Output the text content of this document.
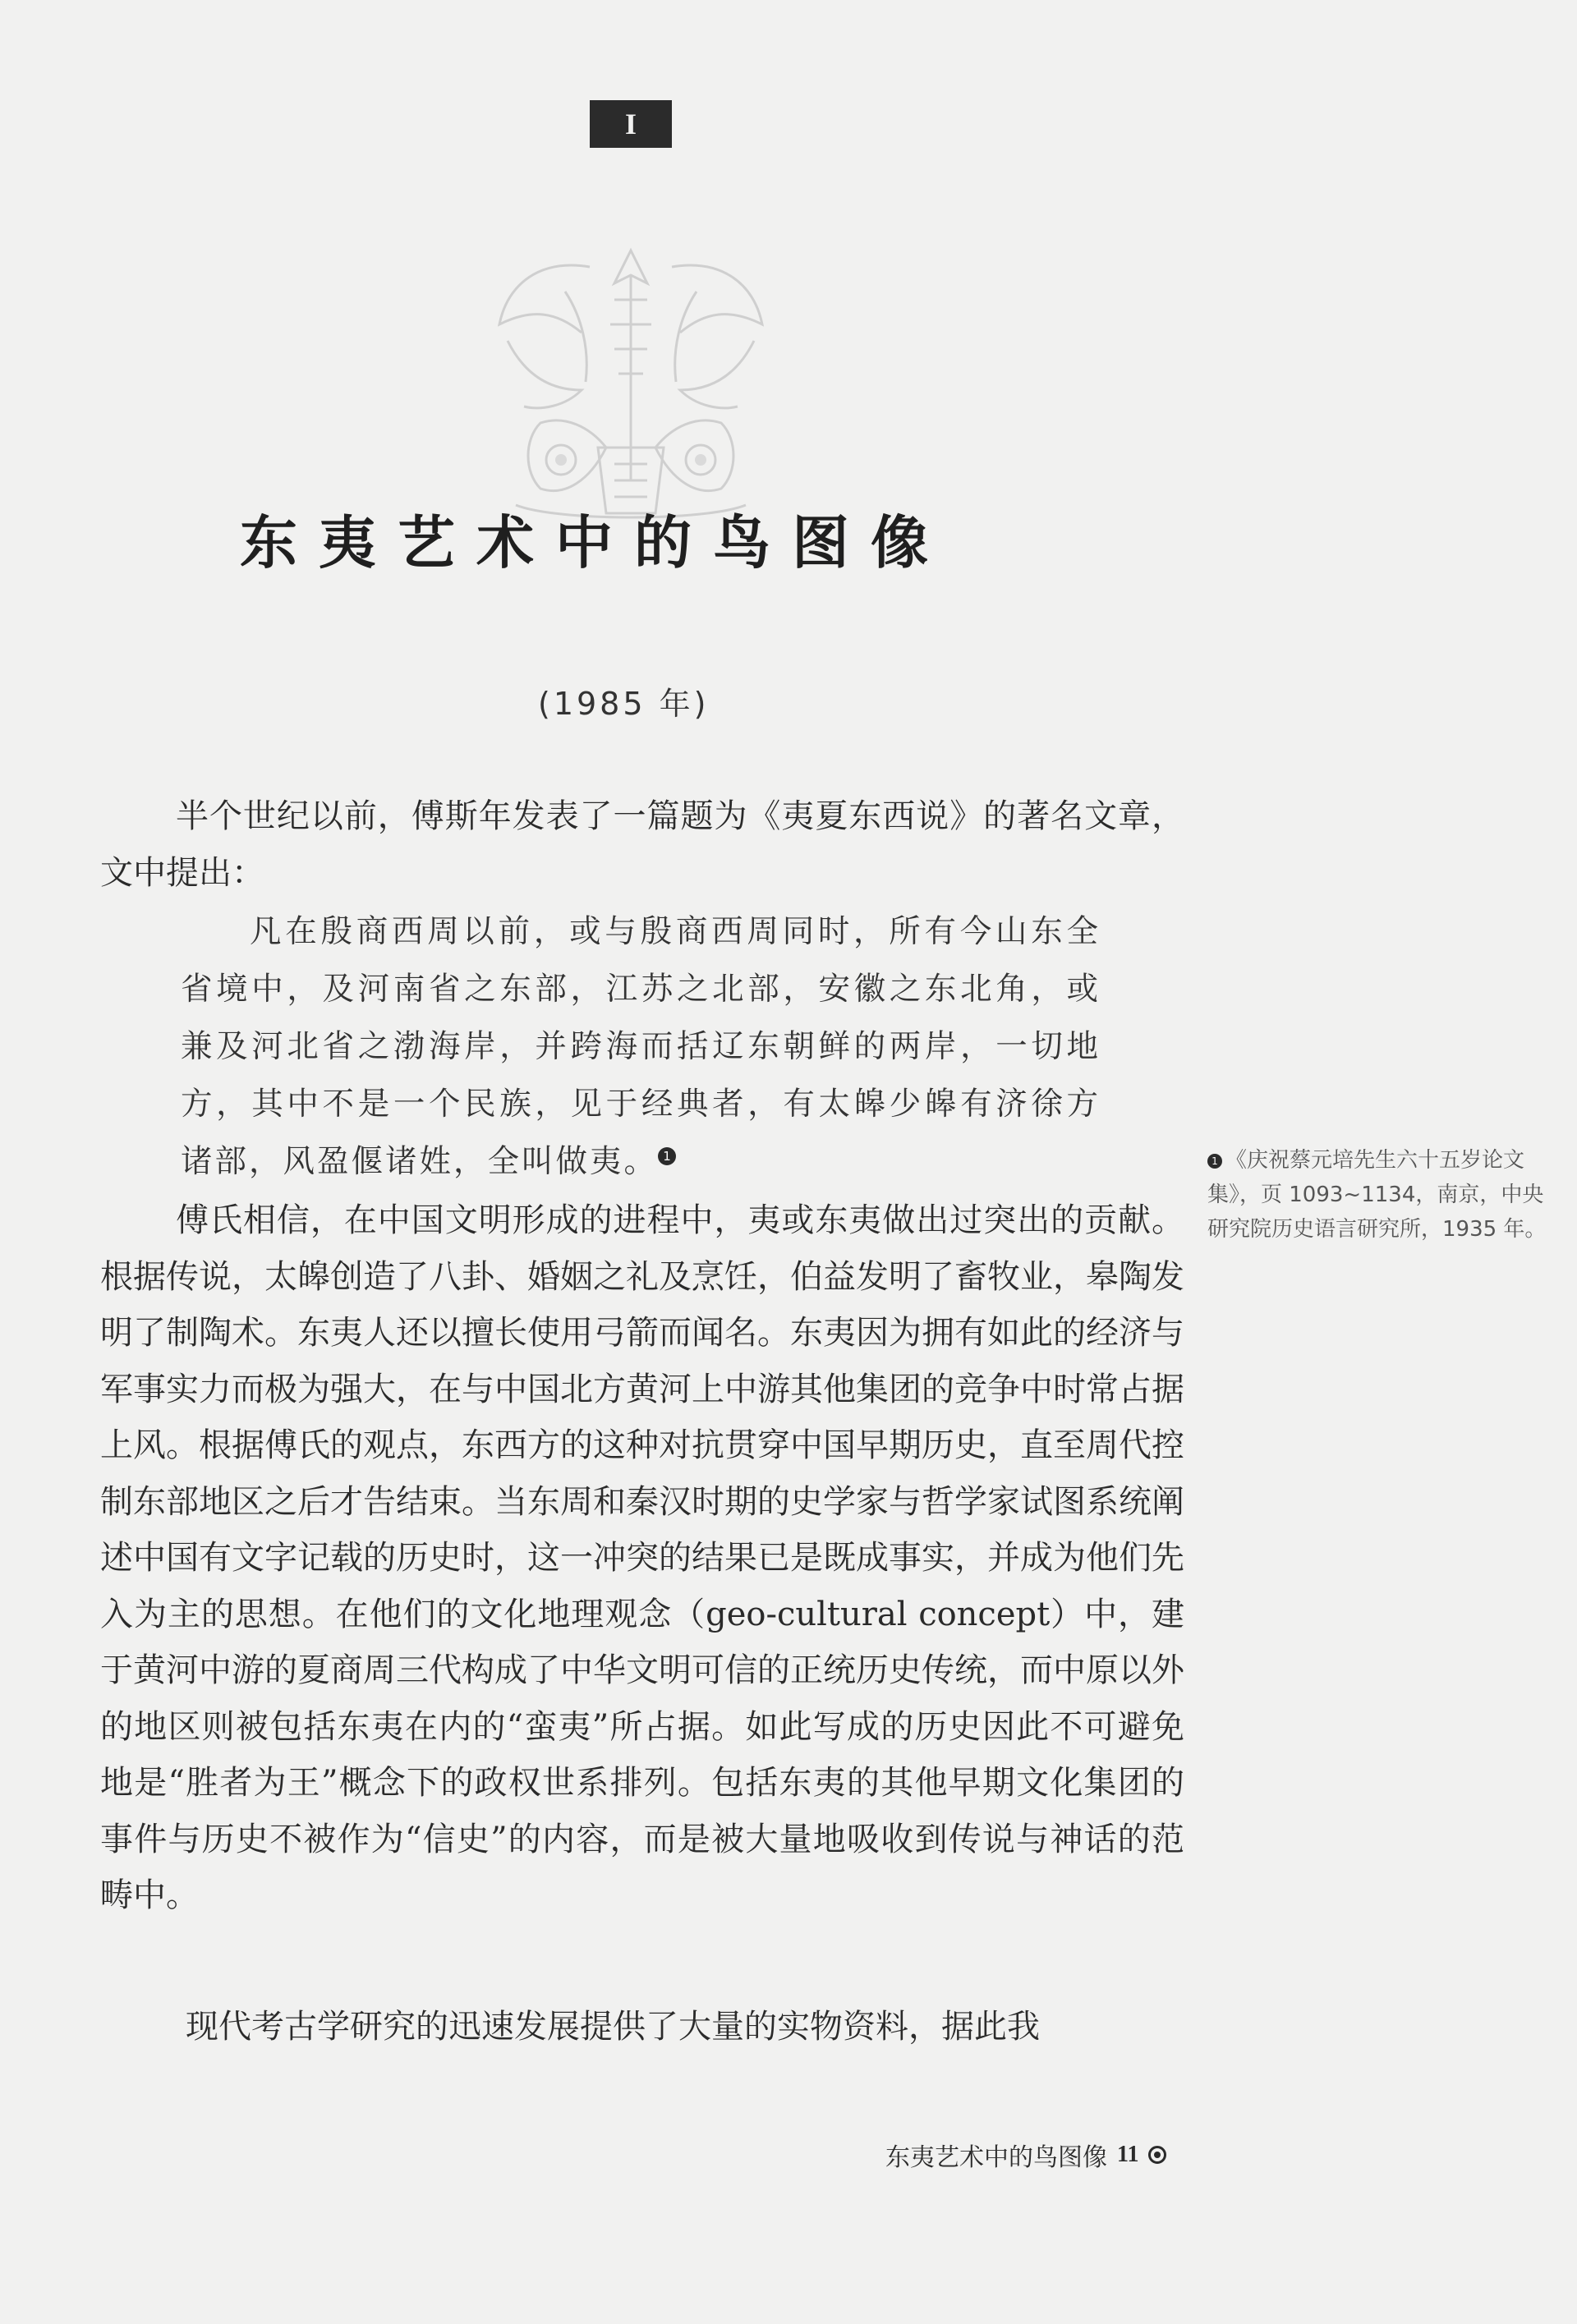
I
东夷艺术中的鸟图像
(1985 年)

半个世纪以前，傅斯年发表了一篇题为《夷夏东西说》的著名文章，文中提出：

凡在殷商西周以前，或与殷商西周同时，所有今山东全省境中，及河南省之东部，江苏之北部，安徽之东北角，或兼及河北省之渤海岸，并跨海而括辽东朝鲜的两岸，一切地方，其中不是一个民族，见于经典者，有太皞少皞有济徐方诸部，风盈偃诸姓，全叫做夷。 1

傅氏相信，在中国文明形成的进程中，夷或东夷做出过突出的贡献。根据传说，太皞创造了八卦、婚姻之礼及烹饪，伯益发明了畜牧业，皋陶发明了制陶术。东夷人还以擅长使用弓箭而闻名。东夷因为拥有如此的经济与军事实力而极为强大，在与中国北方黄河上中游其他集团的竞争中时常占据上风。根据傅氏的观点，东西方的这种对抗贯穿中国早期历史，直至周代控制东部地区之后才告结束。当东周和秦汉时期的史学家与哲学家试图系统阐述中国有文字记载的历史时，这一冲突的结果已是既成事实，并成为他们先入为主的思想。在他们的文化地理观念（geo-cultural concept）中，建于黄河中游的夏商周三代构成了中华文明可信的正统历史传统，而中原以外的地区则被包括东夷在内的“蛮夷”所占据。如此写成的历史因此不可避免地是“胜者为王”概念下的政权世系排列。包括东夷的其他早期文化集团的事件与历史不被作为“信史”的内容，而是被大量地吸收到传说与神话的范畴中。

现代考古学研究的迅速发展提供了大量的实物资料，据此我

1 《庆祝蔡元培先生六十五岁论文集》，页 1093~1134，南京，中央研究院历史语言研究所，1935 年。
东夷艺术中的鸟图像 11
